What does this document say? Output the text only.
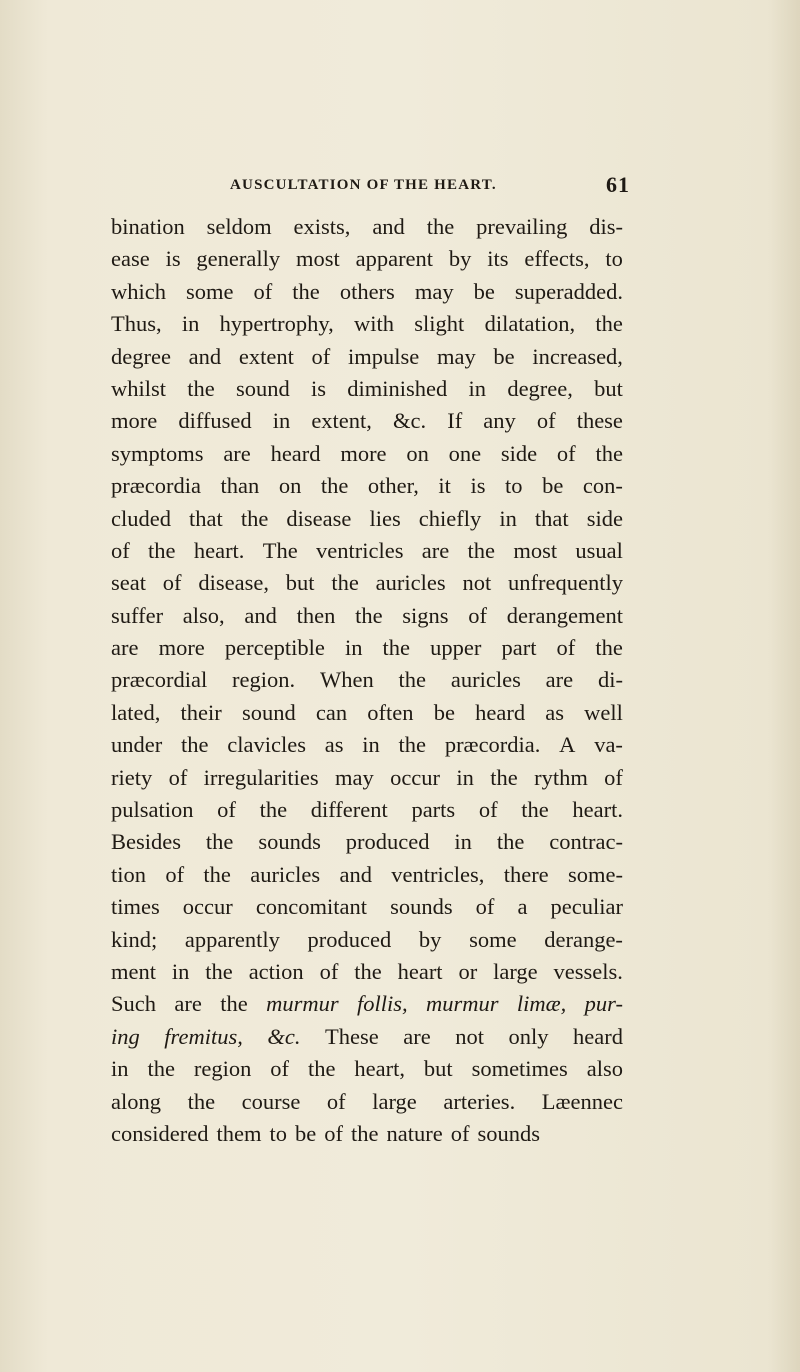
AUSCULTATION OF THE HEART.	61
bination seldom exists, and the prevailing dis-
ease is generally most apparent by its effects, to
which some of the others may be superadded.
Thus, in hypertrophy, with slight dilatation, the
degree and extent of impulse may be increased,
whilst the sound is diminished in degree, but
more diffused in extent, &c. If any of these
symptoms are heard more on one side of the
præcordia than on the other, it is to be con-
cluded that the disease lies chiefly in that side
of the heart. The ventricles are the most usual
seat of disease, but the auricles not unfrequently
suffer also, and then the signs of derangement
are more perceptible in the upper part of the
præcordial region. When the auricles are di-
lated, their sound can often be heard as well
under the clavicles as in the præcordia. A va-
riety of irregularities may occur in the rythm of
pulsation of the different parts of the heart.
Besides the sounds produced in the contrac-
tion of the auricles and ventricles, there some-
times occur concomitant sounds of a peculiar
kind; apparently produced by some derange-
ment in the action of the heart or large vessels.
Such are the murmur follis, murmur limæ, pur-
ing fremitus, &c. These are not only heard
in the region of the heart, but sometimes also
along the course of large arteries. Læennec
considered them to be of the nature of sounds
